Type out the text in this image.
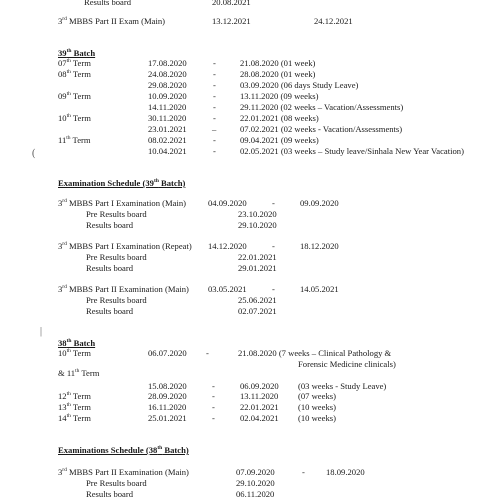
Results board	20.08.2021
3rd MBBS Part II Exam (Main)	13.12.2021	24.12.2021
39th Batch
07th Term	17.08.2020	-	21.08.2020 (01 week)
08th Term	24.08.2020	-	28.08.2020 (01 week)
29.08.2020	-	03.09.2020 (06 days Study Leave)
09th Term	10.09.2020	-	13.11.2020 (09 weeks)
14.11.2020	-	29.11.2020 (02 weeks – Vacation/Assessments)
10th Term	30.11.2020	-	22.01.2021 (08 weeks)
23.01.2021	–	07.02.2021 (02 weeks - Vacation/Assessments)
11th Term	08.02.2021	-	09.04.2021 (09 weeks)
10.04.2021	-	02.05.2021 (03 weeks – Study leave/Sinhala New Year Vacation)
(
Examination Schedule (39th Batch)
3rd MBBS Part I Examination (Main)	04.09.2020	-	09.09.2020
Pre Results board	23.10.2020
Results board	29.10.2020
3rd MBBS Part I Examination (Repeat) 14.12.2020	-	18.12.2020
Pre Results board	22.01.2021
Results board	29.01.2021
3rd MBBS Part II Examination (Main) 03.05.2021	-	14.05.2021
Pre Results board	25.06.2021
Results board	02.07.2021
|
38th Batch
10th Term	06.07.2020 -	21.08.2020 (7 weeks – Clinical Pathology &
Forensic Medicine clinicals)
& 11th Term
15.08.2020	-	06.09.2020 (03 weeks - Study Leave)
12th Term	28.09.2020	-	13.11.2020 (07 weeks)
13th Term	16.11.2020	-	22.01.2021 (10 weeks)
14th Term	25.01.2021	-	02.04.2021 (10 weeks)
Examinations Schedule (38th Batch)
3rd MBBS Part II Examination (Main)	07.09.2020	- 18.09.2020
Pre Results board	29.10.2020
Results board	06.11.2020
